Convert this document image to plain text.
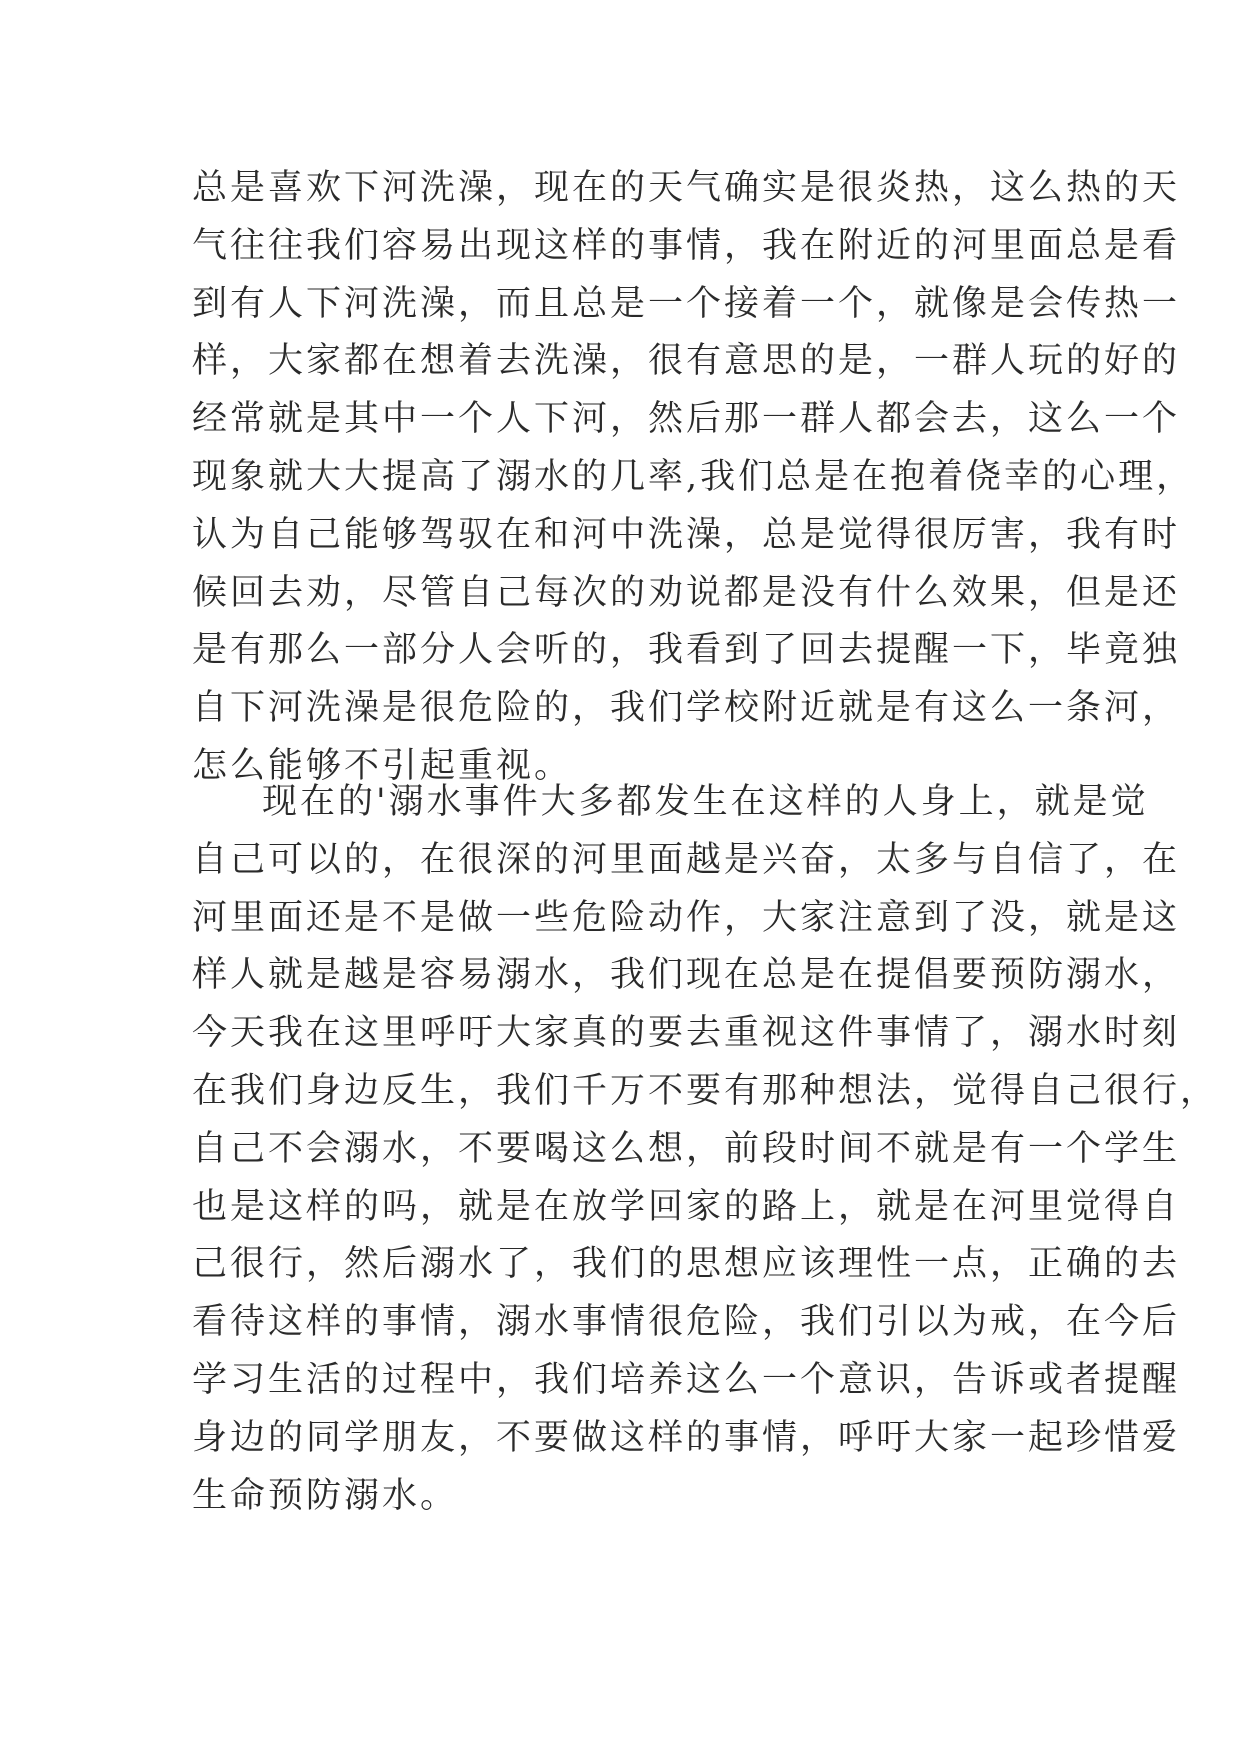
总是喜欢下河洗澡，现在的天气确实是很炎热，这么热的天
气往往我们容易出现这样的事情，我在附近的河里面总是看
到有人下河洗澡，而且总是一个接着一个，就像是会传热一
样，大家都在想着去洗澡，很有意思的是，一群人玩的好的
经常就是其中一个人下河，然后那一群人都会去，这么一个
现象就大大提高了溺水的几率,我们总是在抱着侥幸的心理，
认为自己能够驾驭在和河中洗澡，总是觉得很厉害，我有时
候回去劝，尽管自己每次的劝说都是没有什么效果，但是还
是有那么一部分人会听的，我看到了回去提醒一下，毕竟独
自下河洗澡是很危险的，我们学校附近就是有这么一条河，
怎么能够不引起重视。
现在的'溺水事件大多都发生在这样的人身上，就是觉
自己可以的，在很深的河里面越是兴奋，太多与自信了，在
河里面还是不是做一些危险动作，大家注意到了没，就是这
样人就是越是容易溺水，我们现在总是在提倡要预防溺水，
今天我在这里呼吁大家真的要去重视这件事情了，溺水时刻
在我们身边反生，我们千万不要有那种想法，觉得自己很行，
自己不会溺水，不要喝这么想，前段时间不就是有一个学生
也是这样的吗，就是在放学回家的路上，就是在河里觉得自
己很行，然后溺水了，我们的思想应该理性一点，正确的去
看待这样的事情，溺水事情很危险，我们引以为戒，在今后
学习生活的过程中，我们培养这么一个意识，告诉或者提醒
身边的同学朋友，不要做这样的事情，呼吁大家一起珍惜爱
生命预防溺水。
